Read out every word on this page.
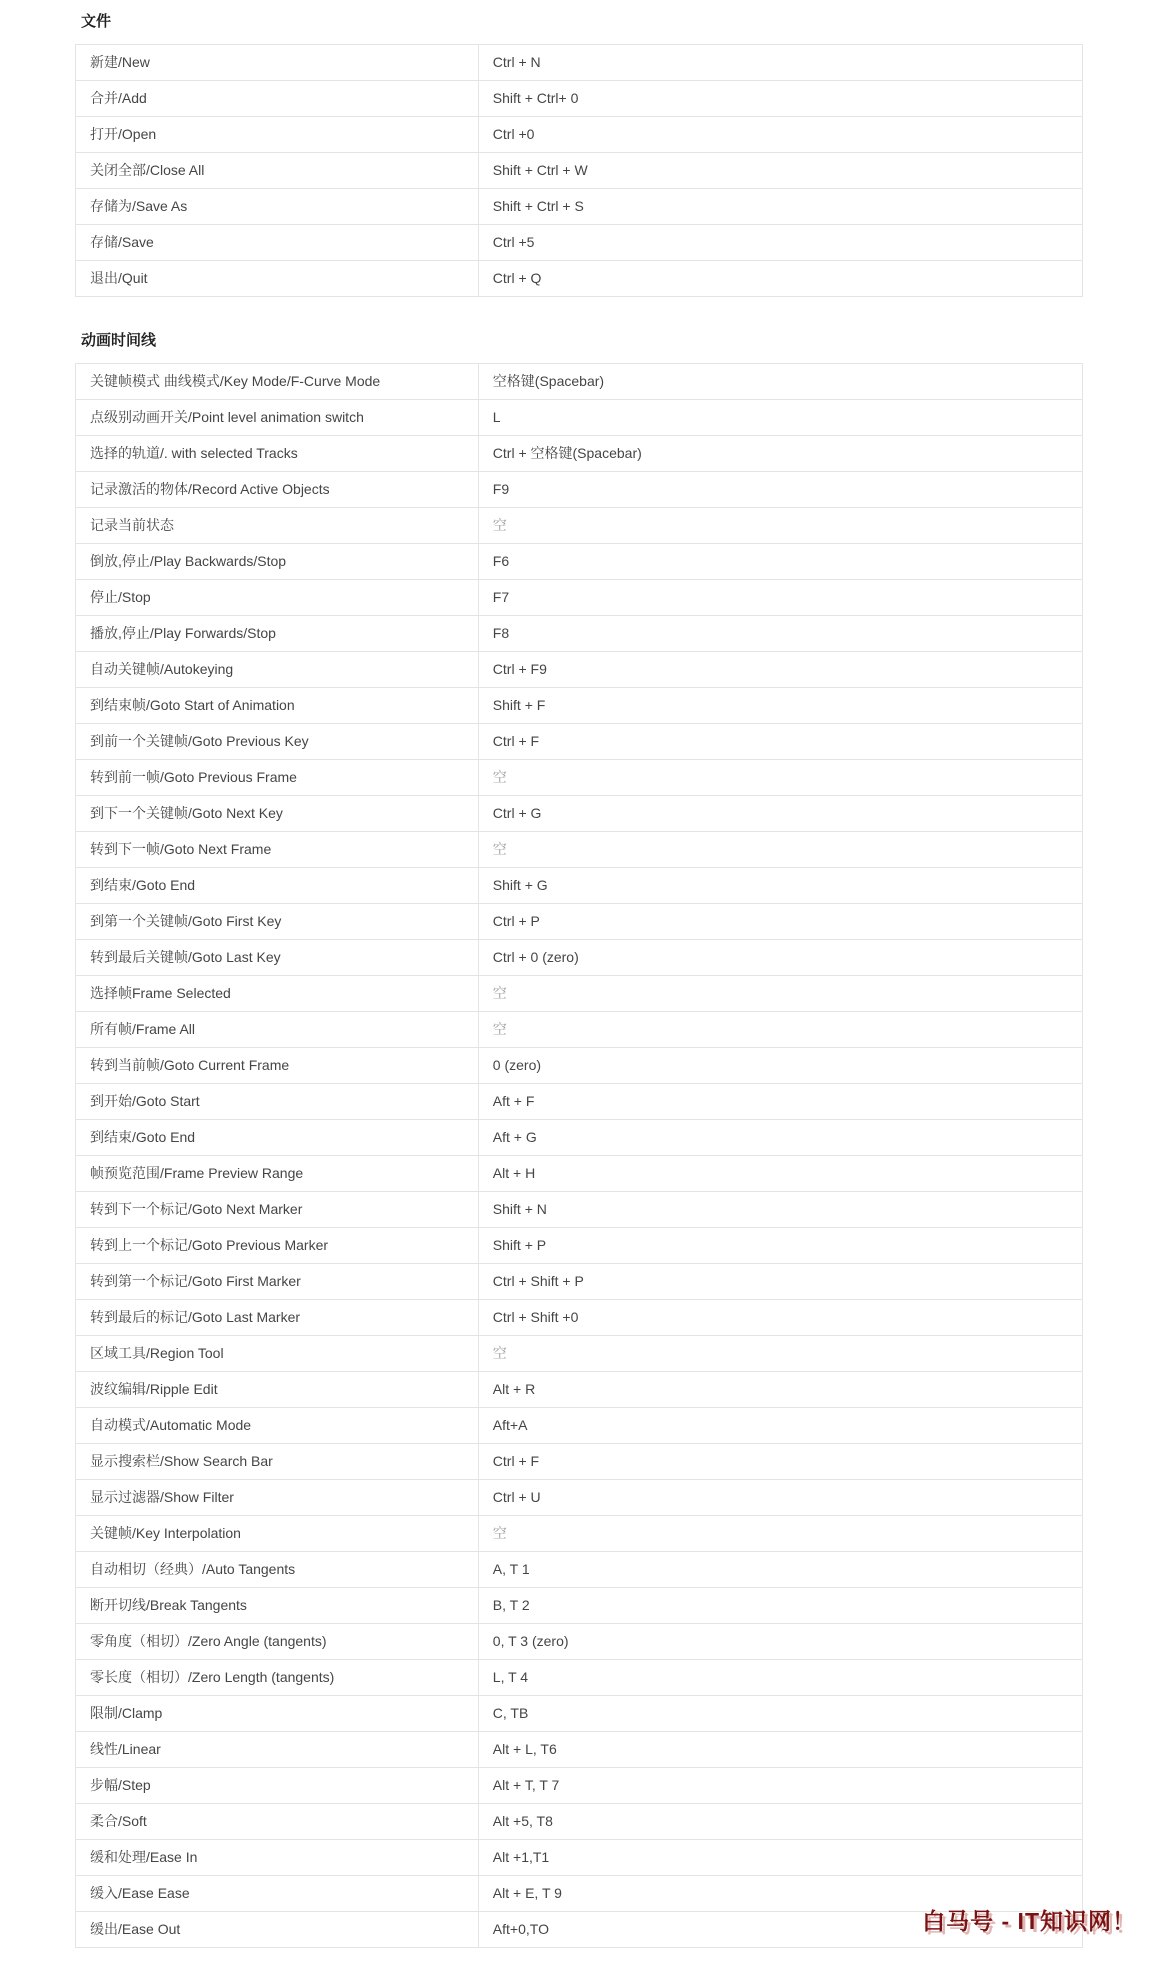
文件
新建/New	Ctrl + N
合并/Add	Shift + Ctrl+ 0
打开/Open	Ctrl +0
关闭全部/Close All	Shift + Ctrl + W
存储为/Save As	Shift + Ctrl + S
存储/Save	Ctrl +5
退出/Quit	Ctrl + Q
动画时间线
关键帧模式 曲线模式/Key Mode/F-Curve Mode	空格键(Spacebar)
点级别动画开关/Point level animation switch	L
选择的轨道/. with selected Tracks	Ctrl + 空格键(Spacebar)
记录激活的物体/Record Active Objects	F9
记录当前状态	空
倒放,停止/Play Backwards/Stop	F6
停止/Stop	F7
播放,停止/Play Forwards/Stop	F8
自动关键帧/Autokeying	Ctrl + F9
到结束帧/Goto Start of Animation	Shift + F
到前一个关键帧/Goto Previous Key	Ctrl + F
转到前一帧/Goto Previous Frame	空
到下一个关键帧/Goto Next Key	Ctrl + G
转到下一帧/Goto Next Frame	空
到结束/Goto End	Shift + G
到第一个关键帧/Goto First Key	Ctrl + P
转到最后关键帧/Goto Last Key	Ctrl + 0 (zero)
选择帧Frame Selected	空
所有帧/Frame All	空
转到当前帧/Goto Current Frame	0 (zero)
到开始/Goto Start	Aft + F
到结束/Goto End	Aft + G
帧预览范围/Frame Preview Range	Alt + H
转到下一个标记/Goto Next Marker	Shift + N
转到上一个标记/Goto Previous Marker	Shift + P
转到第一个标记/Goto First Marker	Ctrl + Shift + P
转到最后的标记/Goto Last Marker	Ctrl + Shift +0
区域工具/Region Tool	空
波纹编辑/Ripple Edit	Alt + R
自动模式/Automatic Mode	Aft+A
显示搜索栏/Show Search Bar	Ctrl + F
显示过滤器/Show Filter	Ctrl + U
关键帧/Key Interpolation	空
自动相切（经典）/Auto Tangents	A, T 1
断开切线/Break Tangents	B, T 2
零角度（相切）/Zero Angle (tangents)	0, T 3 (zero)
零长度（相切）/Zero Length (tangents)	L, T 4
限制/Clamp	C, TB
线性/Linear	Alt + L, T6
步幅/Step	Alt + T, T 7
柔合/Soft	Alt +5, T8
缓和处理/Ease In	Alt +1,T1
缓入/Ease Ease	Alt + E, T 9
缓出/Ease Out	Aft+0,TO	白马号 - IT知识网！
